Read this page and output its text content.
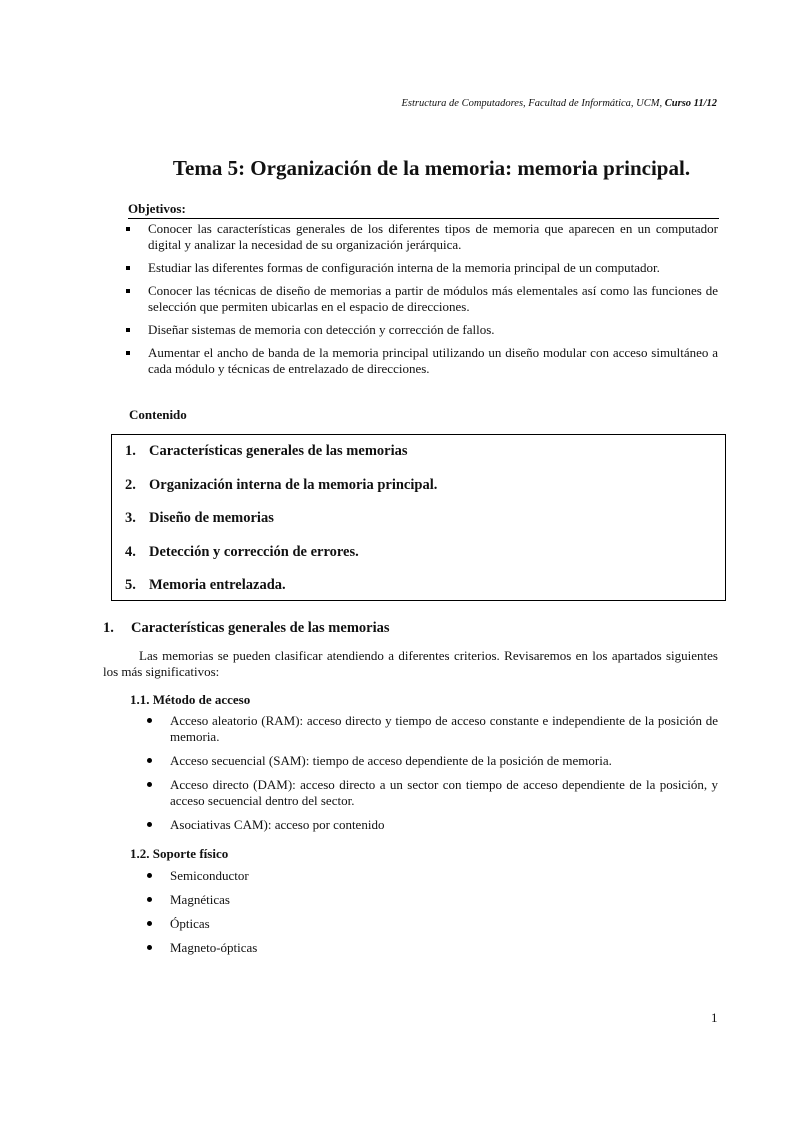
Estructura de Computadores, Facultad de Informática, UCM, Curso 11/12
Tema 5: Organización de la memoria: memoria principal.
Objetivos:
Conocer las características generales de los diferentes tipos de memoria que aparecen en un computador digital y analizar la necesidad de su organización jerárquica.
Estudiar las diferentes formas de configuración interna de la memoria principal de un computador.
Conocer las técnicas de diseño de memorias a partir de módulos más elementales así como las funciones de selección que permiten ubicarlas en el espacio de direcciones.
Diseñar sistemas de memoria con detección y corrección de fallos.
Aumentar el ancho de banda de la memoria principal utilizando un diseño modular con acceso simultáneo a cada módulo y técnicas de entrelazado de direcciones.
Contenido
1. Características generales de las memorias
2. Organización interna de la memoria principal.
3. Diseño de memorias
4. Detección y corrección de errores.
5. Memoria entrelazada.
1. Características generales de las memorias

Las memorias se pueden clasificar atendiendo a diferentes criterios. Revisaremos en los apartados siguientes los más significativos:

1.1. Método de acceso
Acceso aleatorio (RAM): acceso directo y tiempo de acceso constante e independiente de la posición de memoria.
Acceso secuencial (SAM): tiempo de acceso dependiente de la posición de memoria.
Acceso directo (DAM): acceso directo a un sector con tiempo de acceso dependiente de la posición, y acceso secuencial dentro del sector.
Asociativas CAM): acceso por contenido
1.2. Soporte físico
Semiconductor
Magnéticas
Ópticas
Magneto-ópticas
1
